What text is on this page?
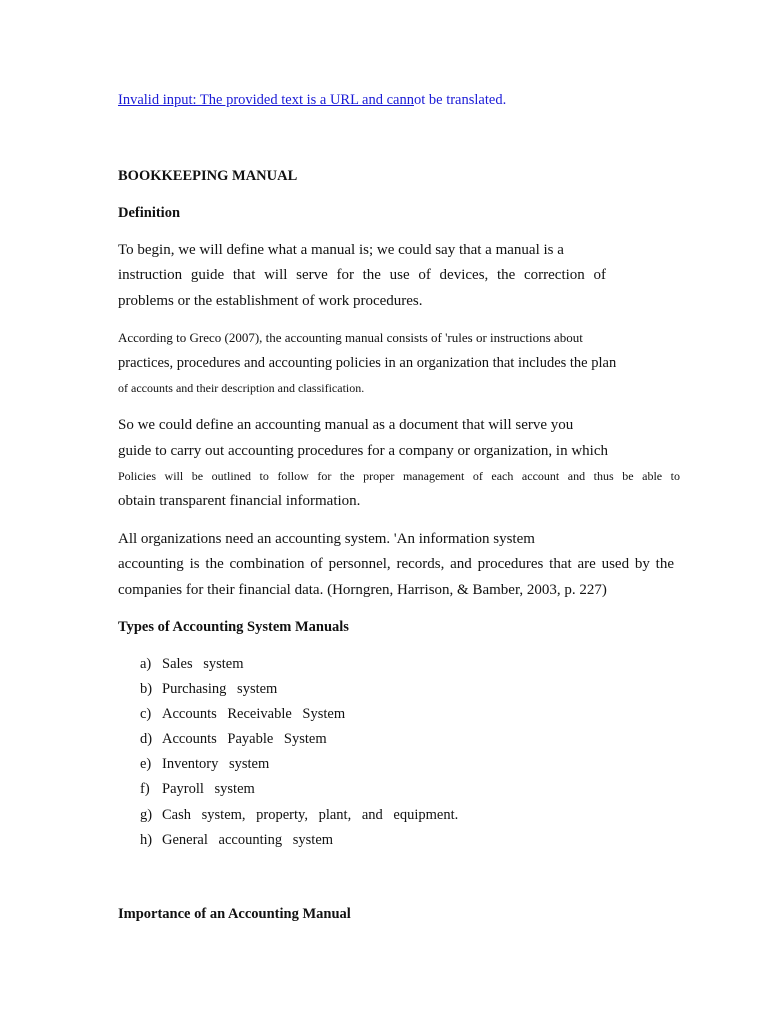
Invalid input: The provided text is a URL and cannot be translated.
BOOKKEEPING MANUAL
Definition
To begin, we will define what a manual is; we could say that a manual is a
instruction guide that will serve for the use of devices, the correction of
problems or the establishment of work procedures.
According to Greco (2007), the accounting manual consists of 'rules or instructions about
practices, procedures and accounting policies in an organization that includes the plan
of accounts and their description and classification.
So we could define an accounting manual as a document that will serve you
guide to carry out accounting procedures for a company or organization, in which
Policies will be outlined to follow for the proper management of each account and thus be able to
obtain transparent financial information.
All organizations need an accounting system. 'An information system
accounting is the combination of personnel, records, and procedures that are used by the
companies for their financial data. (Horngren, Harrison, & Bamber, 2003, p. 227)
Types of Accounting System Manuals
a) Sales system
b) Purchasing system
c) Accounts Receivable System
d) Accounts Payable System
e) Inventory system
f) Payroll system
g) Cash system, property, plant, and equipment.
h) General accounting system
Importance of an Accounting Manual
